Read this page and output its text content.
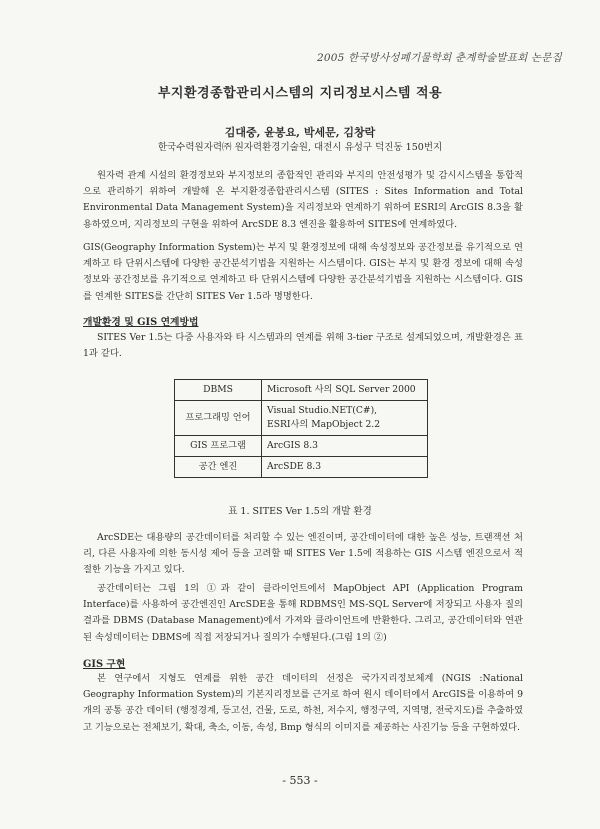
2005 한국방사성폐기물학회 춘계학술발표회 논문집
부지환경종합관리시스템의 지리정보시스템 적용
김대중, 윤봉요, 박세문, 김창락
한국수력원자력㈜ 원자력환경기술원, 대전시 유성구 덕진동 150번지

원자력 관계 시설의 환경정보와 부지정보의 종합적인 관리와 부지의 안전성평가 및 감시시스템을 통합적으로 관리하기 위하여 개발해 온 부지환경종합관리시스템 (SITES : Sites Information and Total Environmental Data Management System)을 지리정보와 연계하기 위하여 ESRI의 ArcGIS 8.3을 활용하였으며, 지리정보의 구현을 위하여 ArcSDE 8.3 엔진을 활용하여 SITES에 연계하였다.

GIS(Geography Information System)는 부지 및 환경정보에 대해 속성정보와 공간정보를 유기적으로 연계하고 타 단위시스템에 다양한 공간분석기법을 지원하는 시스템이다. GIS는 부지 및 환경 정보에 대해 속성정보와 공간정보를 유기적으로 연계하고 타 단위시스템에 다양한 공간분석기법을 지원하는 시스템이다. GIS를 연계한 SITES를 간단히 SITES Ver 1.5라 명명한다.

개발환경 및 GIS 연계방법

SITES Ver 1.5는 다중 사용자와 타 시스템과의 연계를 위해 3-tier 구조로 설계되었으며, 개발환경은 표 1과 같다.

DBMS	Microsoft 사의 SQL Server 2000
프로그래밍 언어	Visual Studio.NET(C#),
ESRI사의 MapObject 2.2

GIS 프로그램	ArcGIS 8.3
공간 엔진	ArcSDE 8.3
표 1. SITES Ver 1.5의 개발 환경

ArcSDE는 대용량의 공간데이터를 처리할 수 있는 엔진이며, 공간데이터에 대한 높은 성능, 트랜잭션 처리, 다른 사용자에 의한 동시성 제어 등을 고려할 때 SITES Ver 1.5에 적용하는 GIS 시스템 엔진으로서 적절한 기능을 가지고 있다.

공간데이터는 그림 1의 ①과 같이 클라이언트에서 MapObject API (Application Program Interface)를 사용하여 공간엔진인 ArcSDE을 통해 RDBMS인 MS-SQL Server에 저장되고 사용자 질의 결과를 DBMS (Database Management)에서 가져와 클라이언트에 반환한다. 그리고, 공간데이터와 연관된 속성데이터는 DBMS에 직접 저장되거나 질의가 수행된다.(그림 1의 ②)

GIS 구현

본 연구에서 지형도 연계를 위한 공간 데이터의 선정은 국가지리정보체계 (NGIS :National Geography Information System)의 기본지리정보를 근거로 하여 원시 데이터에서 ArcGIS를 이용하여 9개의 공통 공간 데이터 (행정경계, 등고선, 건물, 도로, 하천, 저수지, 행정구역, 지역명, 전국지도)를 추출하였고 기능으로는 전체보기, 확대, 축소, 이동, 속성, Bmp 형식의 이미지를 제공하는 사진기능 등을 구현하였다.

- 553 -
